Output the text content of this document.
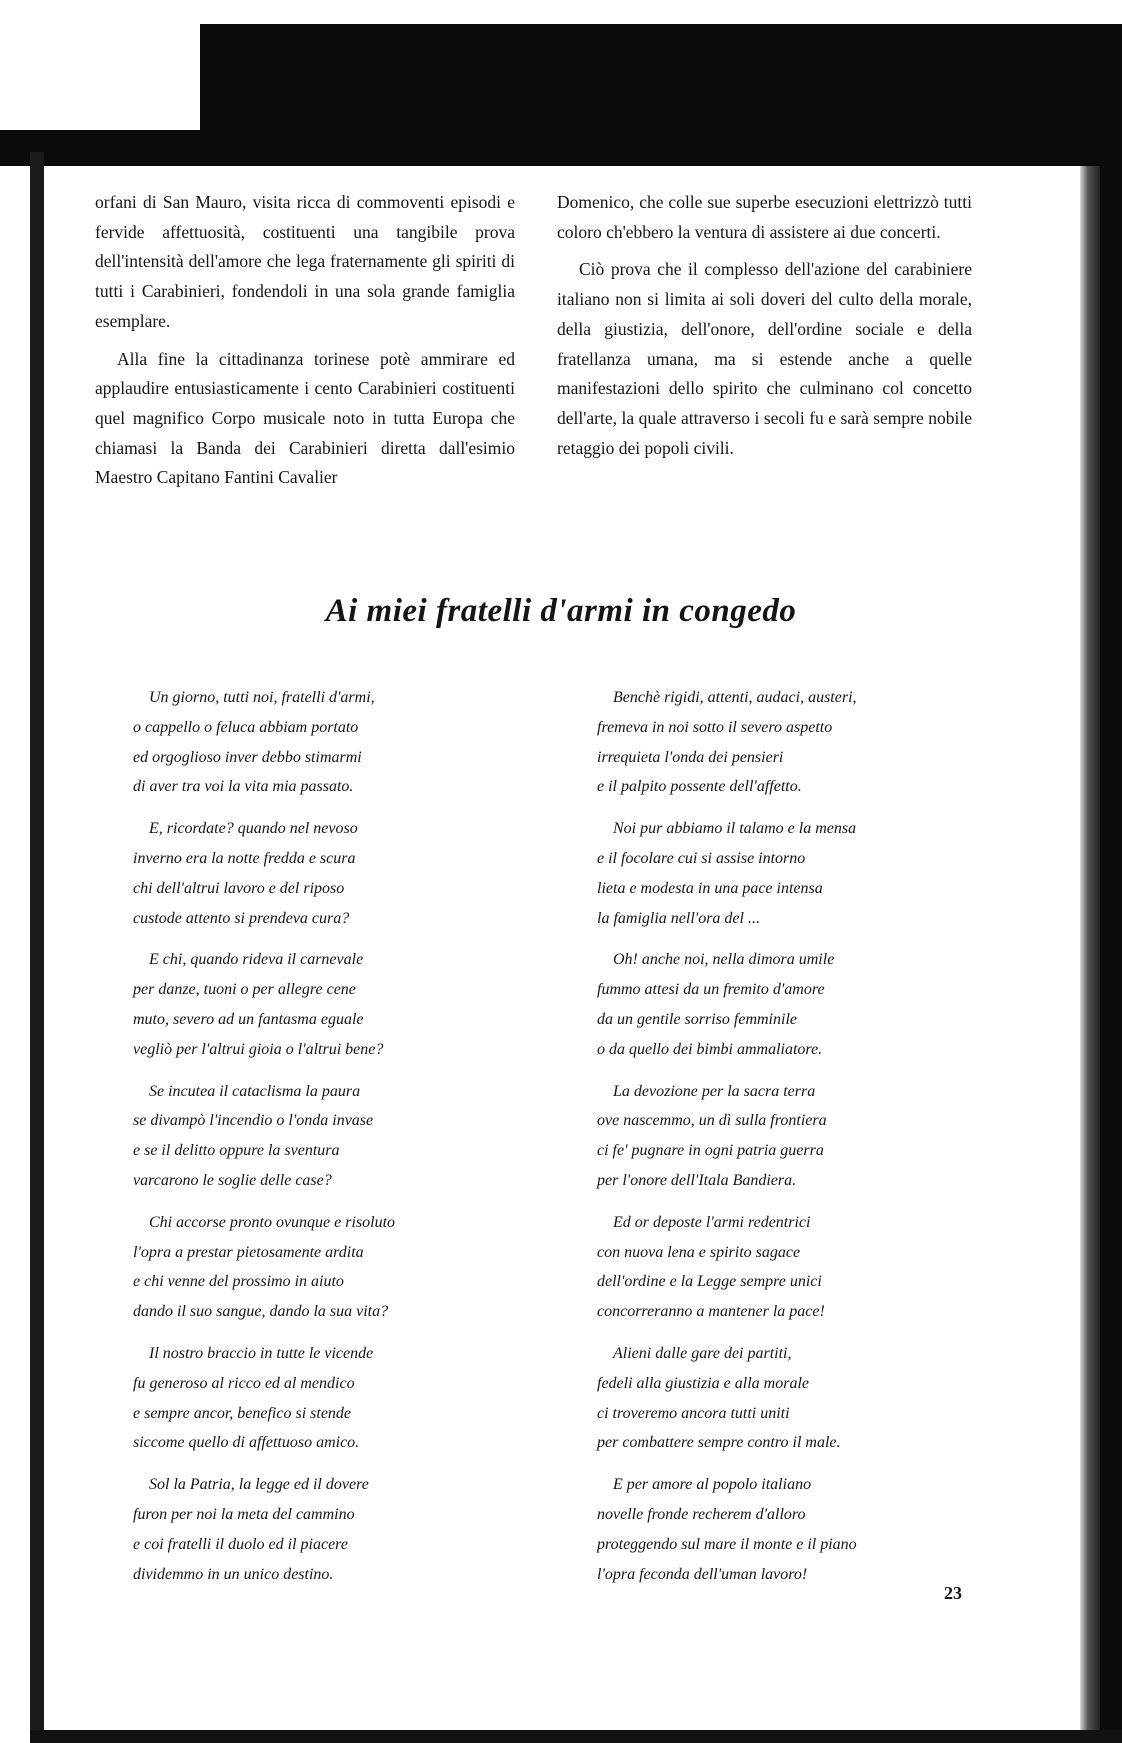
orfani di San Mauro, visita ricca di commoventi episodi e fervide affettuosità, costituenti una tangibile prova dell'intensità dell'amore che lega fraternamente gli spiriti di tutti i Carabinieri, fondendoli in una sola grande famiglia esemplare.

Alla fine la cittadinanza torinese potè ammirare ed applaudire entusiasticamente i cento Carabinieri costituenti quel magnifico Corpo musicale noto in tutta Europa che chiamasi la Banda dei Carabinieri diretta dall'esimio Maestro Capitano Fantini Cavalier

Domenico, che colle sue superbe esecuzioni elettrizzò tutti coloro ch'ebbero la ventura di assistere ai due concerti.

Ciò prova che il complesso dell'azione del carabiniere italiano non si limita ai soli doveri del culto della morale, della giustizia, dell'onore, dell'ordine sociale e della fratellanza umana, ma si estende anche a quelle manifestazioni dello spirito che culminano col concetto dell'arte, la quale attraverso i secoli fu e sarà sempre nobile retaggio dei popoli civili.

Ai miei fratelli d'armi in congedo
Un giorno, tutti noi, fratelli d'armi,
o cappello o feluca abbiam portato
ed orgoglioso inver debbo stimarmi
di aver tra voi la vita mia passato.
E, ricordate? quando nel nevoso
inverno era la notte fredda e scura
chi dell'altrui lavoro e del riposo
custode attento si prendeva cura?
E chi, quando rideva il carnevale
per danze, tuoni o per allegre cene
muto, severo ad un fantasma eguale
vegliò per l'altrui gioia o l'altrui bene?
Se incutea il cataclisma la paura
se divampò l'incendio o l'onda invase
e se il delitto oppure la sventura
varcarono le soglie delle case?
Chi accorse pronto ovunque e risoluto
l'opra a prestar pietosamente ardita
e chi venne del prossimo in aiuto
dando il suo sangue, dando la sua vita?
Il nostro braccio in tutte le vicende
fu generoso al ricco ed al mendico
e sempre ancor, benefico si stende
siccome quello di affettuoso amico.
Sol la Patria, la legge ed il dovere
furon per noi la meta del cammino
e coi fratelli il duolo ed il piacere
dividemmo in un unico destino.
Benchè rigidi, attenti, audaci, austeri,
fremeva in noi sotto il severo aspetto
irrequieta l'onda dei pensieri
e il palpito possente dell'affetto.
Noi pur abbiamo il talamo e la mensa
e il focolare cui si assise intorno
lieta e modesta in una pace intensa
la famiglia nell'ora del ...
Oh! anche noi, nella dimora umile
fummo attesi da un fremito d'amore
da un gentile sorriso femminile
o da quello dei bimbi ammaliatore.
La devozione per la sacra terra
ove nascemmo, un dì sulla frontiera
ci fe' pugnare in ogni patria guerra
per l'onore dell'Itala Bandiera.
Ed or deposte l'armi redentrici
con nuova lena e spirito sagace
dell'ordine e la Legge sempre unici
concorreranno a mantener la pace!
Alieni dalle gare dei partiti,
fedeli alla giustizia e alla morale
ci troveremo ancora tutti uniti
per combattere sempre contro il male.
E per amore al popolo italiano
novelle fronde recherem d'alloro
proteggendo sul mare il monte e il piano
l'opra feconda dell'uman lavoro!
23
